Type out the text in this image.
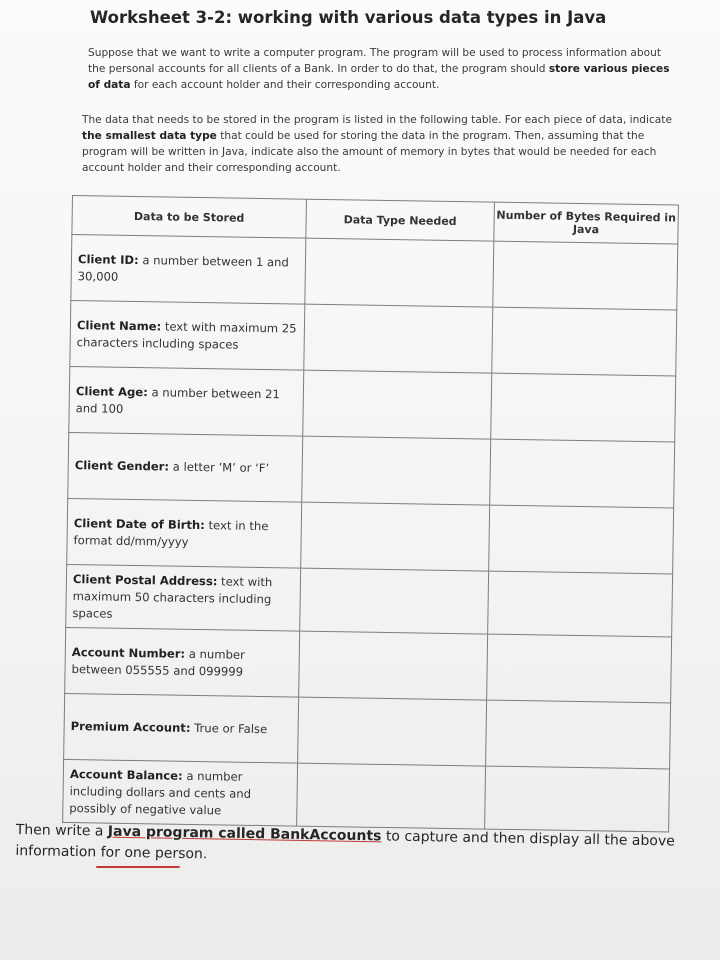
Worksheet 3-2: working with various data types in Java

Suppose that we want to write a computer program. The program will be used to process information about the personal accounts for all clients of a Bank. In order to do that, the program should store various pieces of data for each account holder and their corresponding account.

The data that needs to be stored in the program is listed in the following table. For each piece of data, indicate the smallest data type that could be used for storing the data in the program. Then, assuming that the program will be written in Java, indicate also the amount of memory in bytes that would be needed for each account holder and their corresponding account.

Data to be Stored	Data Type Needed	Number of Bytes Required in Java
Client ID: a number between 1 and 30,000		
Client Name: text with maximum 25 characters including spaces		
Client Age: a number between 21 and 100		
Client Gender: a letter ’M’ or ‘F’		
Client Date of Birth: text in the format dd/mm/yyyy		
Client Postal Address: text with maximum 50 characters including spaces		
Account Number: a number between 055555 and 099999		
Premium Account: True or False		
Account Balance: a number including dollars and cents and possibly of negative value		

Then write a Java program called BankAccounts to capture and then display all the above information for one person.
